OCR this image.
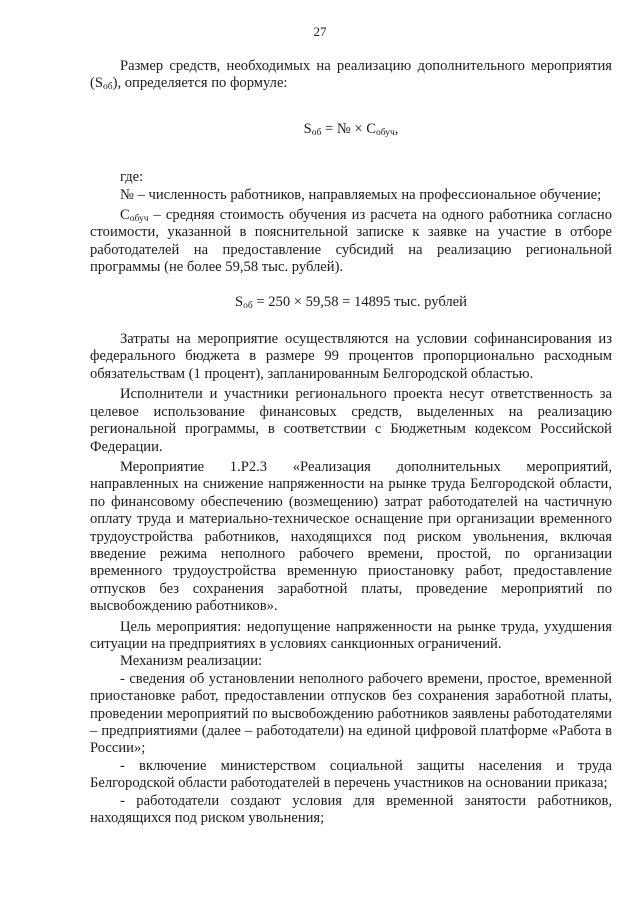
27

Размер средств, необходимых на реализацию дополнительного мероприятия $(S_{об})$, определяется по формуле:

$S_{об}$ = № × $C_{обуч}$,

где:

№ – численность работников, направляемых на профессиональное обучение;

$C_{обуч}$ – средняя стоимость обучения из расчета на одного работника согласно стоимости, указанной в пояснительной записке к заявке на участие в отборе работодателей на предоставление субсидий на реализацию региональной программы (не более 59,58 тыс. рублей).

$S_{об} = 250 \times 59,58 = 14895$ тыс. рублей

Затраты на мероприятие осуществляются на условии софинансирования из федерального бюджета в размере 99 процентов пропорционально расходным обязательствам (1 процент), запланированным Белгородской областью.

Исполнители и участники регионального проекта несут ответственность за целевое использование финансовых средств, выделенных на реализацию региональной программы, в соответствии с Бюджетным кодексом Российской Федерации.

Мероприятие 1.Р2.3 «Реализация дополнительных мероприятий, направленных на снижение напряженности на рынке труда Белгородской области, по финансовому обеспечению (возмещению) затрат работодателей на частичную оплату труда и материально-техническое оснащение при организации временного трудоустройства работников, находящихся под риском увольнения, включая введение режима неполного рабочего времени, простой, по организации временного трудоустройства временную приостановку работ, предоставление отпусков без сохранения заработной платы, проведение мероприятий по высвобождению работников».

Цель мероприятия: недопущение напряженности на рынке труда, ухудшения ситуации на предприятиях в условиях санкционных ограничений.

Механизм реализации:

- сведения об установлении неполного рабочего времени, простое, временной приостановке работ, предоставлении отпусков без сохранения заработной платы, проведении мероприятий по высвобождению работников заявлены работодателями – предприятиями (далее – работодатели) на единой цифровой платформе «Работа в России»;

- включение министерством социальной защиты населения и труда Белгородской области работодателей в перечень участников на основании приказа;

- работодатели создают условия для временной занятости работников, находящихся под риском увольнения;
